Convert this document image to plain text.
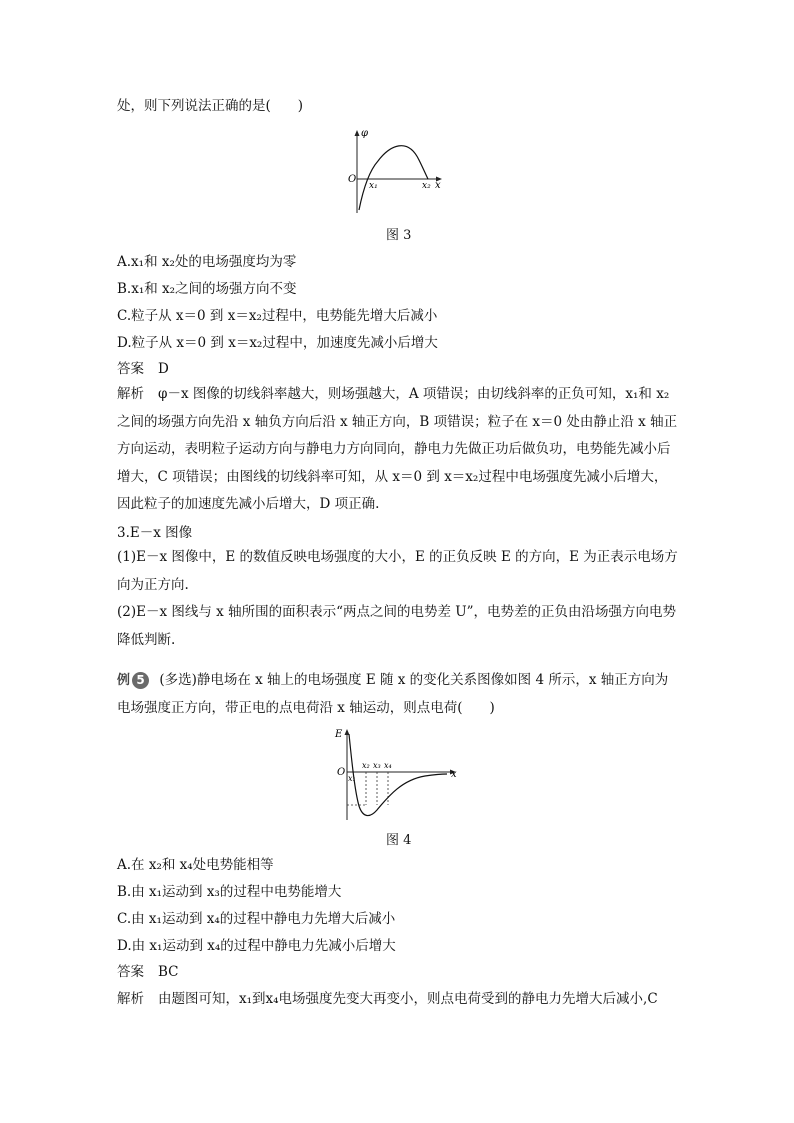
处，则下列说法正确的是(　　)
φ
O
x₁	x₂ x
图 3
A.x₁和 x₂处的电场强度均为零
B.x₁和 x₂之间的场强方向不变
C.粒子从 x＝0 到 x＝x₂过程中，电势能先增大后减小
D.粒子从 x＝0 到 x＝x₂过程中，加速度先减小后增大
答案 D
解析 φ－x 图像的切线斜率越大，则场强越大，A 项错误；由切线斜率的正负可知，x₁和 x₂之间的场强方向先沿 x 轴负方向后沿 x 轴正方向，B 项错误；粒子在 x＝0 处由静止沿 x 轴正方向运动，表明粒子运动方向与静电力方向同向，静电力先做正功后做负功，电势能先减小后增大，C 项错误；由图线的切线斜率可知，从 x＝0 到 x＝x₂过程中电场强度先减小后增大，因此粒子的加速度先减小后增大，D 项正确.
3.E－x 图像
(1)E－x 图像中，E 的数值反映电场强度的大小，E 的正负反映 E 的方向，E 为正表示电场方向为正方向.
(2)E－x 图线与 x 轴所围的面积表示“两点之间的电势差 U”，电势差的正负由沿场强方向电势降低判断.
例 5 (多选)静电场在 x 轴上的电场强度 E 随 x 的变化关系图像如图 4 所示，x 轴正方向为电场强度正方向，带正电的点电荷沿 x 轴运动，则点电荷(　　)
E
O
x₁
x₂ x₃ x₄
x
图 4
A.在 x₂和 x₄处电势能相等
B.由 x₁运动到 x₃的过程中电势能增大
C.由 x₁运动到 x₄的过程中静电力先增大后减小
D.由 x₁运动到 x₄的过程中静电力先减小后增大
答案 BC
解析 由题图可知，x₁到x₄电场强度先变大再变小，则点电荷受到的静电力先增大后减小,C
